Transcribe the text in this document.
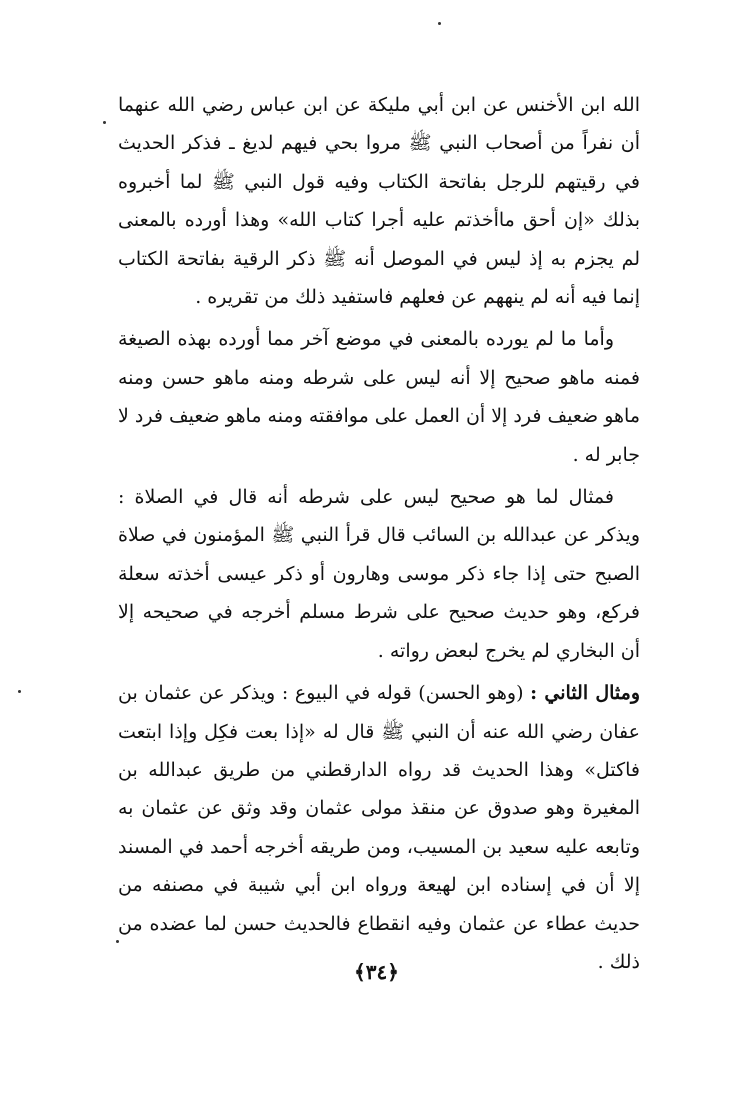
الله ابن الأخنس عن ابن أبي مليكة عن ابن عباس رضي الله عنهما أن نفراً من أصحاب النبي ﷺ مروا بحي فيهم لديغ ـ فذكر الحديث في رقيتهم للرجل بفاتحة الكتاب وفيه قول النبي ﷺ لما أخبروه بذلك «إن أحق ماأخذتم عليه أجرا كتاب الله» وهذا أورده بالمعنى لم يجزم به إذ ليس في الموصل أنه ﷺ ذكر الرقية بفاتحة الكتاب إنما فيه أنه لم ينههم عن فعلهم فاستفيد ذلك من تقريره .

وأما ما لم يورده بالمعنى في موضع آخر مما أورده بهذه الصيغة فمنه ماهو صحيح إلا أنه ليس على شرطه ومنه ماهو حسن ومنه ماهو ضعيف فرد إلا أن العمل على موافقته ومنه ماهو ضعيف فرد لا جابر له .

فمثال لما هو صحيح ليس على شرطه أنه قال في الصلاة : ويذكر عن عبدالله بن السائب قال قرأ النبي ﷺ المؤمنون في صلاة الصبح حتى إذا جاء ذكر موسى وهارون أو ذكر عيسى أخذته سعلة فركع، وهو حديث صحيح على شرط مسلم أخرجه في صحيحه إلا أن البخاري لم يخرج لبعض رواته .

ومثال الثاني : (وهو الحسن) قوله في البيوع : ويذكر عن عثمان بن عفان رضي الله عنه أن النبي ﷺ قال له «إذا بعت فكِل وإذا ابتعت فاكتل» وهذا الحديث قد رواه الدارقطني من طريق عبدالله بن المغيرة وهو صدوق عن منقذ مولى عثمان وقد وثق عن عثمان به وتابعه عليه سعيد بن المسيب، ومن طريقه أخرجه أحمد في المسند إلا أن في إسناده ابن لهيعة ورواه ابن أبي شيبة في مصنفه من حديث عطاء عن عثمان وفيه انقطاع فالحديث حسن لما عضده من ذلك .

﴿٣٤﴾
